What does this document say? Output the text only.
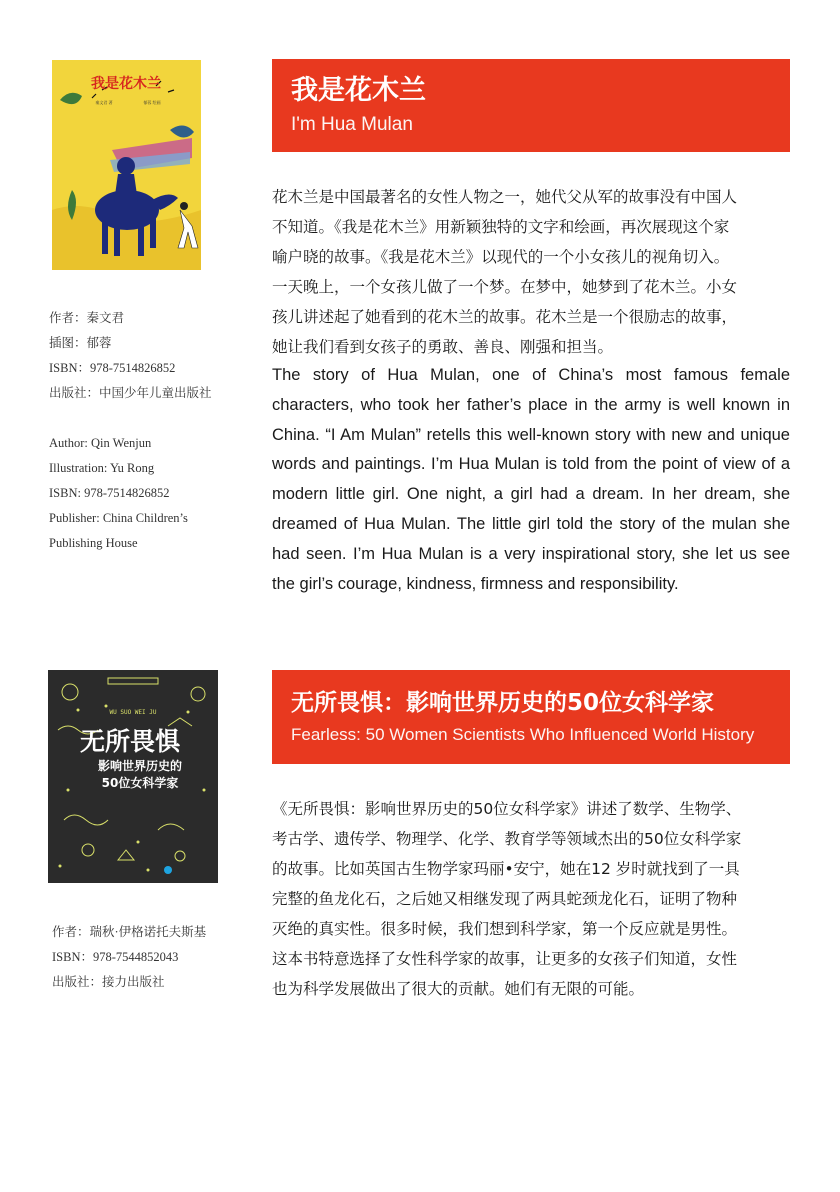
我是花木兰
秦文君 著	郁蓉 绘画
作者：秦文君
插图：郁蓉
ISBN：978-7514826852
出版社：中国少年儿童出版社
Author: Qin Wenjun
Illustration: Yu Rong
ISBN: 978-7514826852
Publisher: China Children’s
Publishing House
我是花木兰
I'm Hua Mulan
花木兰是中国最著名的女性人物之一，她代父从军的故事没有中国人
不知道。《我是花木兰》用新颖独特的文字和绘画，再次展现这个家
喻户晓的故事。《我是花木兰》以现代的一个小女孩儿的视角切入。
一天晚上，一个女孩儿做了一个梦。在梦中，她梦到了花木兰。小女
孩儿讲述起了她看到的花木兰的故事。花木兰是一个很励志的故事，
她让我们看到女孩子的勇敢、善良、刚强和担当。
The story of Hua Mulan, one of China’s most famous female characters, who took her father’s place in the army is well known in China. “I Am Mulan” retells this well-known story with new and unique words and paintings. I’m Hua Mulan is told from the point of view of a modern little girl. One night, a girl had a dream. In her dream, she dreamed of Hua Mulan. The little girl told the story of the mulan she had seen. I’m Hua Mulan is a very inspirational story, she let us see the girl’s courage, kindness, firmness and responsibility.
WU SUO WEI JU
无所畏惧
影响世界历史的
50位女科学家
作者：瑞秋·伊格诺托夫斯基
ISBN：978-7544852043
出版社：接力出版社
无所畏惧：影响世界历史的50位女科学家
Fearless: 50 Women Scientists Who Influenced World History
《无所畏惧：影响世界历史的50位女科学家》讲述了数学、生物学、
考古学、遗传学、物理学、化学、教育学等领域杰出的50位女科学家
的故事。比如英国古生物学家玛丽•安宁，她在12 岁时就找到了一具
完整的鱼龙化石，之后她又相继发现了两具蛇颈龙化石，证明了物种
灭绝的真实性。很多时候，我们想到科学家，第一个反应就是男性。
这本书特意选择了女性科学家的故事，让更多的女孩子们知道，女性
也为科学发展做出了很大的贡献。她们有无限的可能。
